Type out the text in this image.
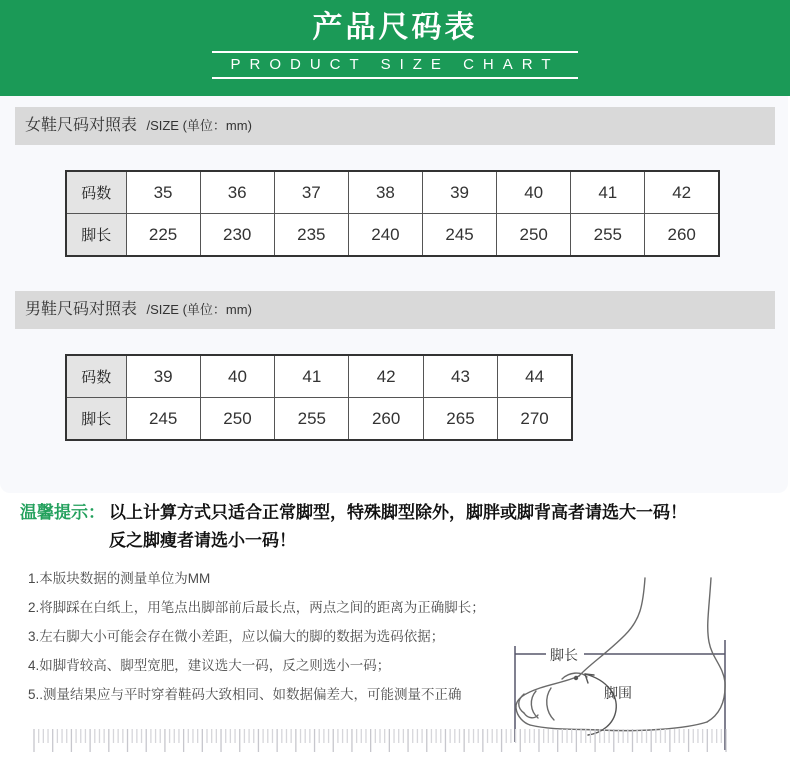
产品尺码表
PRODUCT SIZE CHART
女鞋尺码对照表 /SIZE (单位：mm)
码数	35	36	37	38	39	40	41	42
脚长	225	230	235	240	245	250	255	260
男鞋尺码对照表 /SIZE (单位：mm)
码数	39	40	41	42	43	44
脚长	245	250	255	260	265	270
温馨提示： 以上计算方式只适合正常脚型，特殊脚型除外，脚胖或脚背高者请选大一码！
反之脚瘦者请选小一码！
1.本版块数据的测量单位为MM
2.将脚踩在白纸上，用笔点出脚部前后最长点，两点之间的距离为正确脚长；
3.左右脚大小可能会存在微小差距，应以偏大的脚的数据为选码依据；
4.如脚背较高、脚型宽肥，建议选大一码，反之则选小一码；
5..测量结果应与平时穿着鞋码大致相同、如数据偏差大，可能测量不正确
脚长
脚围
